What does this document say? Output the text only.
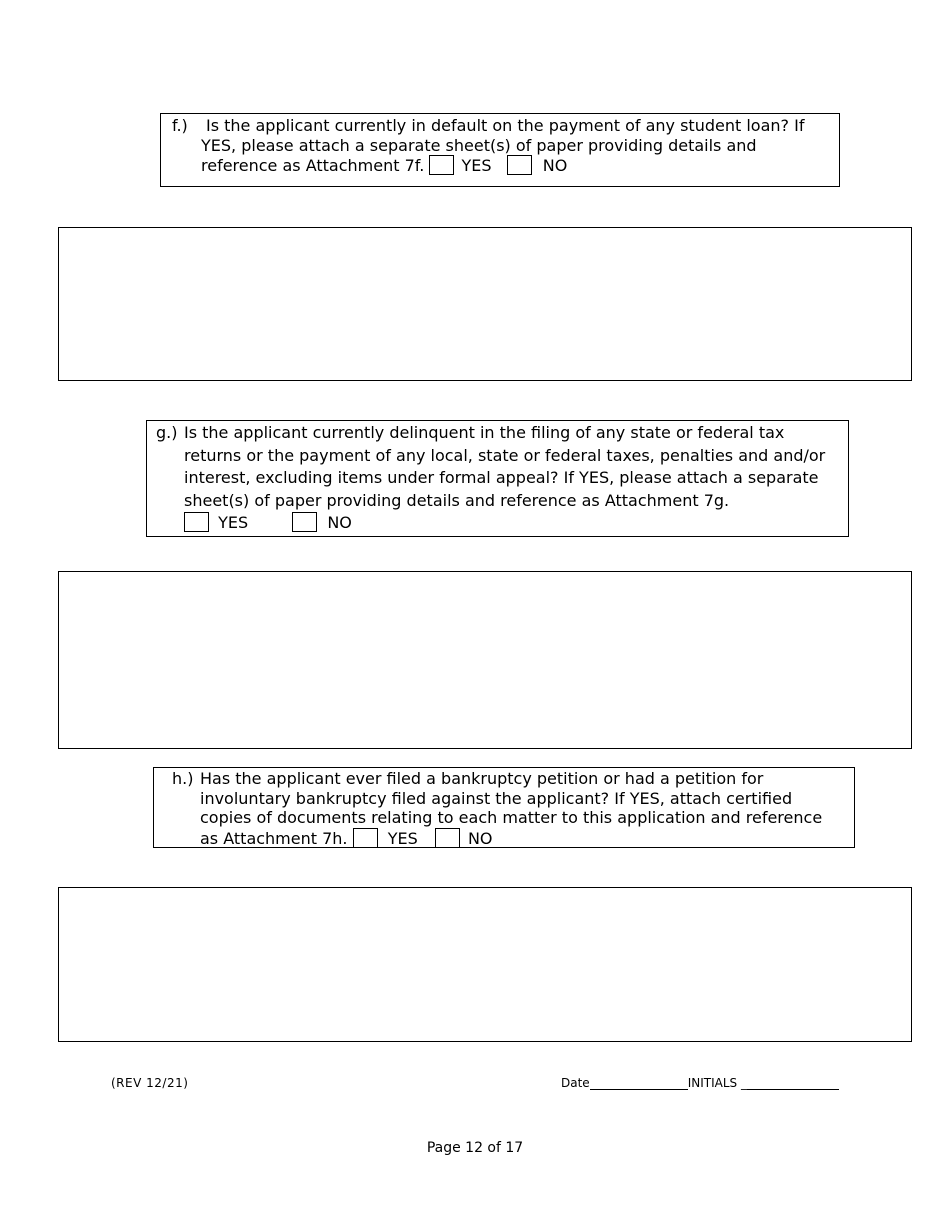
f.) Is the applicant currently in default on the payment of any student loan? If
YES, please attach a separate sheet(s) of paper providing details and
reference as Attachment 7f. YES	NO
g.) Is the applicant currently delinquent in the filing of any state or federal tax
returns or the payment of any local, state or federal taxes, penalties and and/or
interest, excluding items under formal appeal? If YES, please attach a separate
sheet(s) of paper providing details and reference as Attachment 7g.
YES	NO
h.) Has the applicant ever filed a bankruptcy petition or had a petition for
involuntary bankruptcy filed against the applicant? If YES, attach certified
copies of documents relating to each matter to this application and reference
as Attachment 7h.	YES	NO
(REV 12/21)	Date	INITIALS _
Page 12 of 17
